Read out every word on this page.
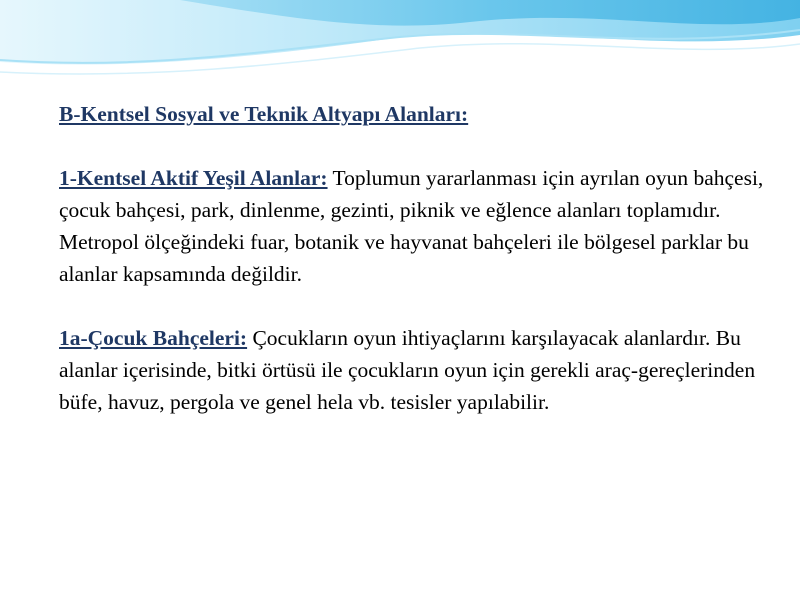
B-Kentsel Sosyal ve Teknik Altyapı Alanları:

1-Kentsel Aktif Yeşil Alanlar: Toplumun yararlanması için ayrılan oyun bahçesi, çocuk bahçesi, park, dinlenme, gezinti, piknik ve eğlence alanları toplamıdır. Metropol ölçeğindeki fuar, botanik ve hayvanat bahçeleri ile bölgesel parklar bu alanlar kapsamında değildir.

1a-Çocuk Bahçeleri: Çocukların oyun ihtiyaçlarını karşılayacak alanlardır. Bu alanlar içerisinde, bitki örtüsü ile çocukların oyun için gerekli araç-gereçlerinden büfe, havuz, pergola ve genel hela vb. tesisler yapılabilir.
